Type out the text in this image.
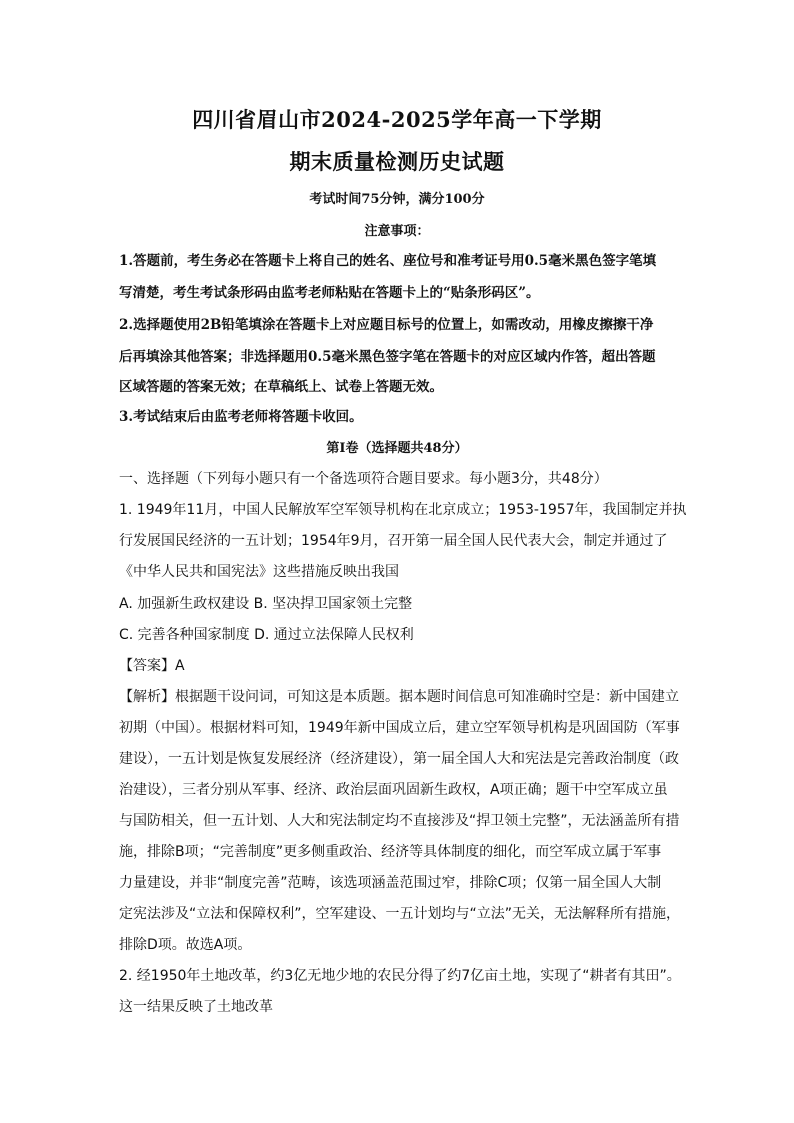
四川省眉山市2024-2025学年高一下学期
期末质量检测历史试题
考试时间75分钟，满分100分
注意事项：
1.答题前，考生务必在答题卡上将自己的姓名、座位号和准考证号用0.5毫米黑色签字笔填
写清楚，考生考试条形码由监考老师粘贴在答题卡上的“贴条形码区”。
2.选择题使用2B铅笔填涂在答题卡上对应题目标号的位置上，如需改动，用橡皮擦擦干净
后再填涂其他答案；非选择题用0.5毫米黑色签字笔在答题卡的对应区域内作答，超出答题
区域答题的答案无效；在草稿纸上、试卷上答题无效。
3.考试结束后由监考老师将答题卡收回。
第Ⅰ卷（选择题共48分）
一、选择题（下列每小题只有一个备选项符合题目要求。每小题3分，共48分）
1. 1949年11月，中国人民解放军空军领导机构在北京成立；1953-1957年，我国制定并执
行发展国民经济的一五计划；1954年9月，召开第一届全国人民代表大会，制定并通过了
《中华人民共和国宪法》这些措施反映出我国
A. 加强新生政权建设 B. 坚决捍卫国家领土完整
C. 完善各种国家制度 D. 通过立法保障人民权利
【答案】A
【解析】根据题干设问词，可知这是本质题。据本题时间信息可知准确时空是：新中国建立
初期（中国）。根据材料可知，1949年新中国成立后，建立空军领导机构是巩固国防（军事
建设），一五计划是恢复发展经济（经济建设），第一届全国人大和宪法是完善政治制度（政
治建设），三者分别从军事、经济、政治层面巩固新生政权，A项正确；题干中空军成立虽
与国防相关，但一五计划、人大和宪法制定均不直接涉及“捍卫领土完整”，无法涵盖所有措
施，排除B项；“完善制度”更多侧重政治、经济等具体制度的细化，而空军成立属于军事
力量建设，并非“制度完善”范畴，该选项涵盖范围过窄，排除C项；仅第一届全国人大制
定宪法涉及“立法和保障权利”，空军建设、一五计划均与“立法”无关，无法解释所有措施，
排除D项。故选A项。
2. 经1950年土地改革，约3亿无地少地的农民分得了约7亿亩土地，实现了“耕者有其田”。
这一结果反映了土地改革
